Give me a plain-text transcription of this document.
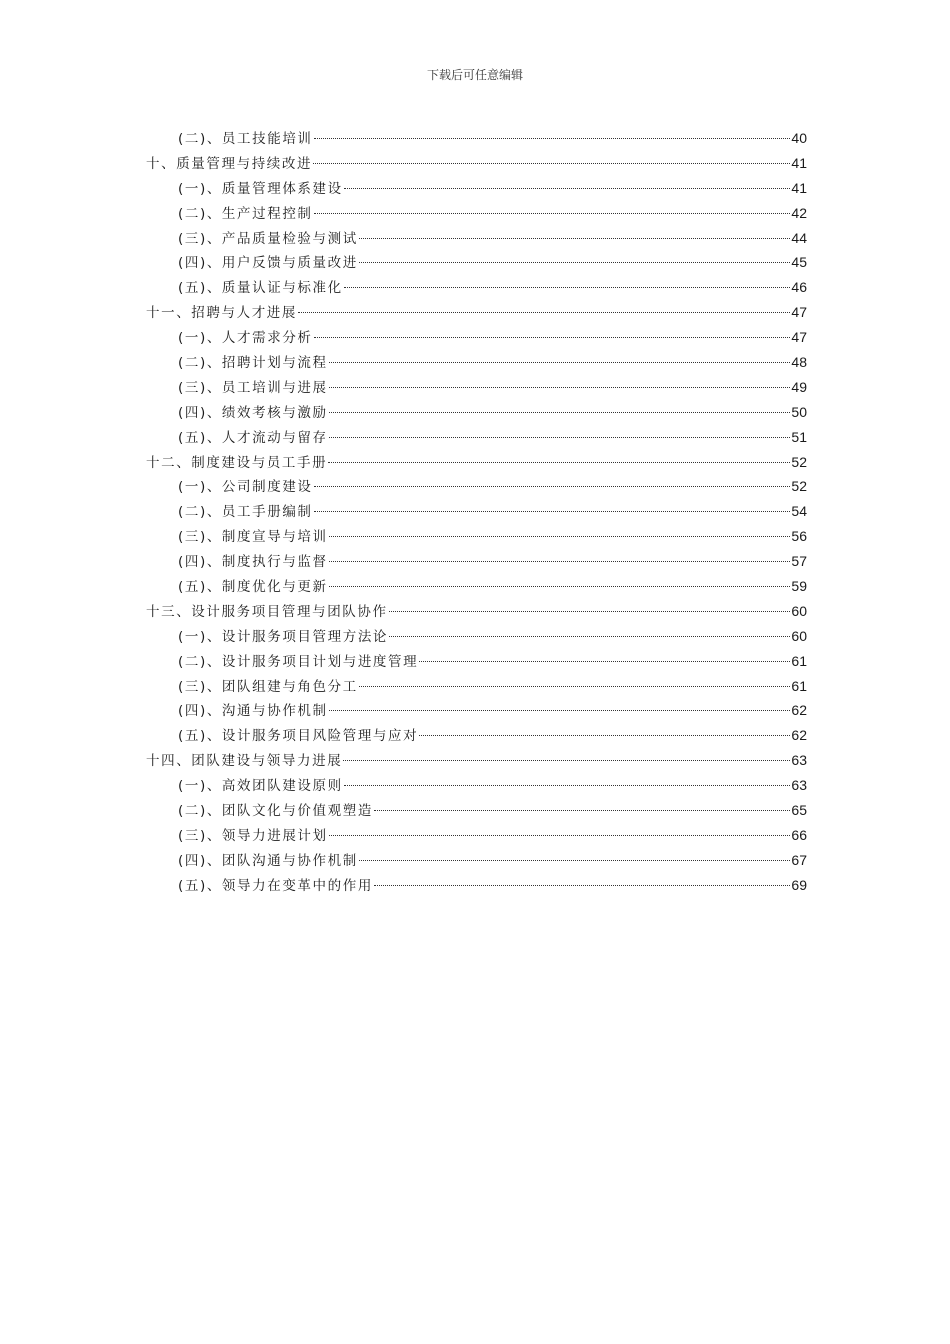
下载后可任意编辑
(二)、员工技能培训	40
十、质量管理与持续改进	41
(一)、质量管理体系建设	41
(二)、生产过程控制	42
(三)、产品质量检验与测试	44
(四)、用户反馈与质量改进	45
(五)、质量认证与标准化	46
十一、招聘与人才进展	47
(一)、人才需求分析	47
(二)、招聘计划与流程	48
(三)、员工培训与进展	49
(四)、绩效考核与激励	50
(五)、人才流动与留存	51
十二、制度建设与员工手册	52
(一)、公司制度建设	52
(二)、员工手册编制	54
(三)、制度宣导与培训	56
(四)、制度执行与监督	57
(五)、制度优化与更新	59
十三、设计服务项目管理与团队协作	60
(一)、设计服务项目管理方法论	60
(二)、设计服务项目计划与进度管理	61
(三)、团队组建与角色分工	61
(四)、沟通与协作机制	62
(五)、设计服务项目风险管理与应对	62
十四、团队建设与领导力进展	63
(一)、高效团队建设原则	63
(二)、团队文化与价值观塑造	65
(三)、领导力进展计划	66
(四)、团队沟通与协作机制	67
(五)、领导力在变革中的作用	69
